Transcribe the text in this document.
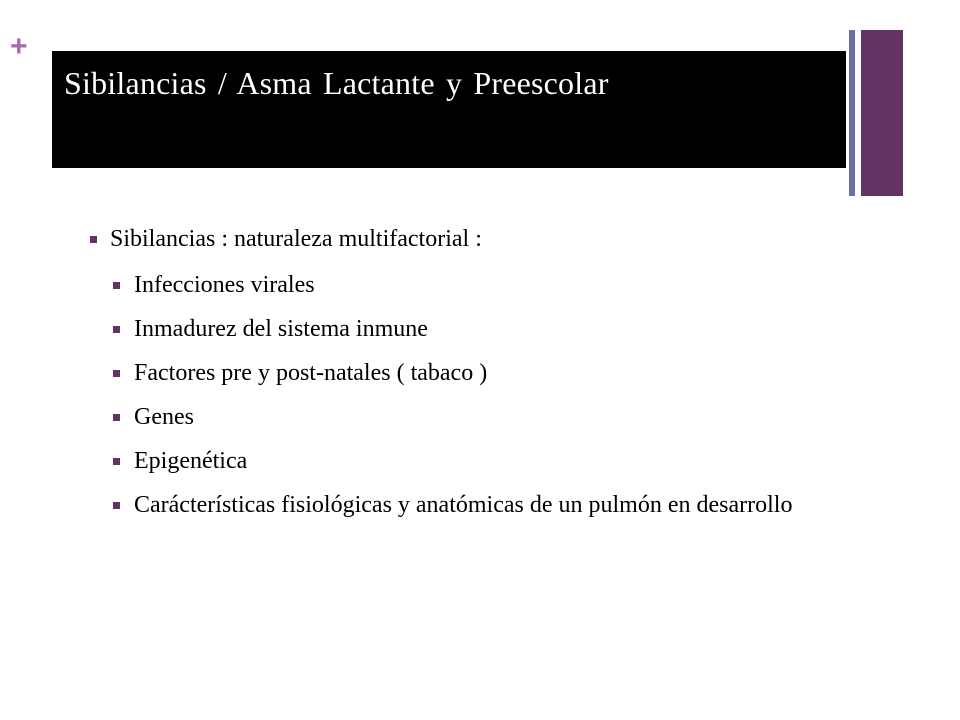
+
Sibilancias / Asma Lactante y Preescolar
Sibilancias : naturaleza multifactorial :
Infecciones virales
Inmadurez del sistema inmune
Factores pre y post-natales ( tabaco )
Genes
Epigenética
Carácterísticas fisiológicas y anatómicas de un pulmón en desarrollo
